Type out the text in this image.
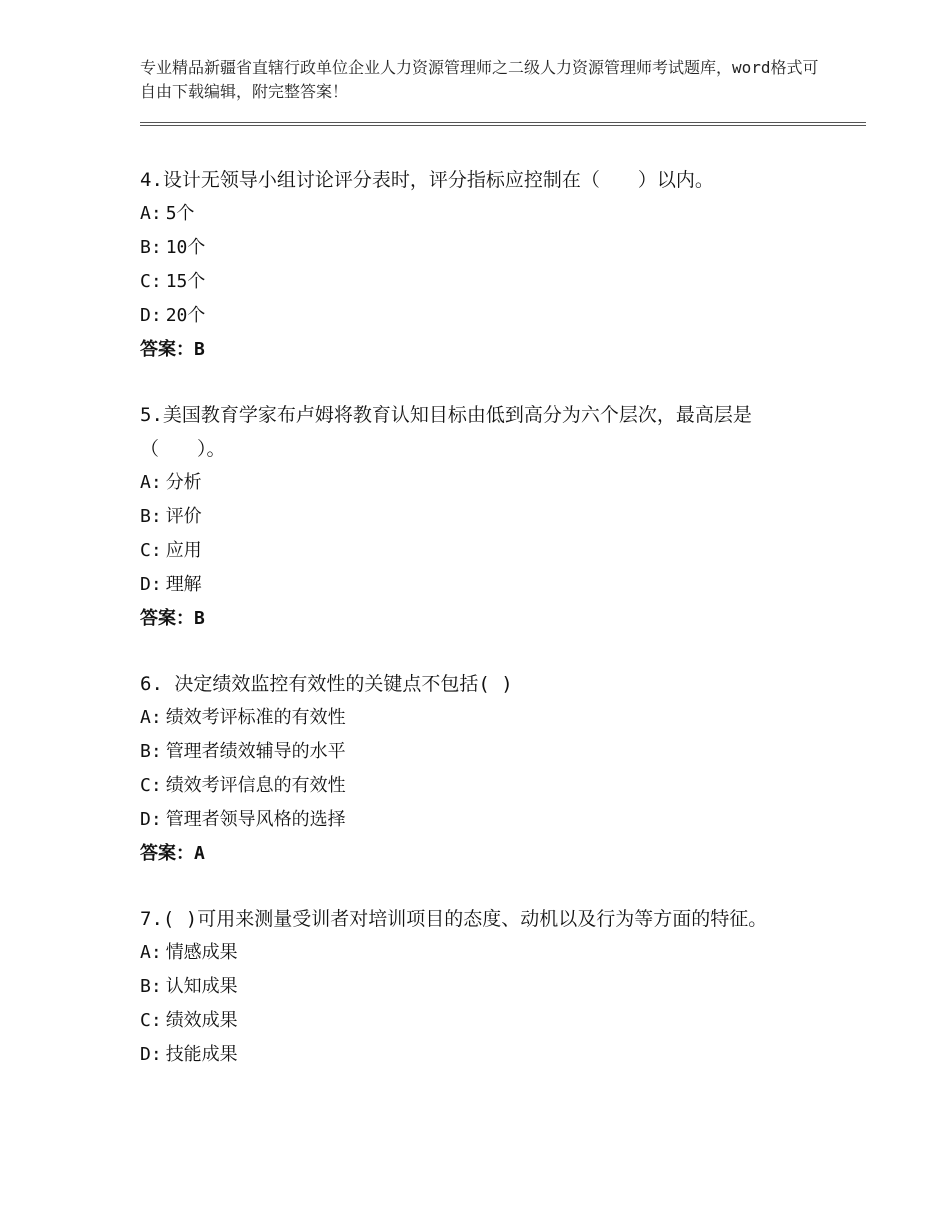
专业精品新疆省直辖行政单位企业人力资源管理师之二级人力资源管理师考试题库，word格式可自由下载编辑，附完整答案！

4.设计无领导小组讨论评分表时，评分指标应控制在（　　）以内。

A: 5个

B: 10个

C: 15个

D: 20个

答案：B

5.美国教育学家布卢姆将教育认知目标由低到高分为六个层次，最高层是（　　）。

A: 分析

B: 评价

C: 应用

D: 理解

答案：B

6. 决定绩效监控有效性的关键点不包括( )

A: 绩效考评标准的有效性

B: 管理者绩效辅导的水平

C: 绩效考评信息的有效性

D: 管理者领导风格的选择

答案：A

7.( )可用来测量受训者对培训项目的态度、动机以及行为等方面的特征。

A: 情感成果

B: 认知成果

C: 绩效成果

D: 技能成果
